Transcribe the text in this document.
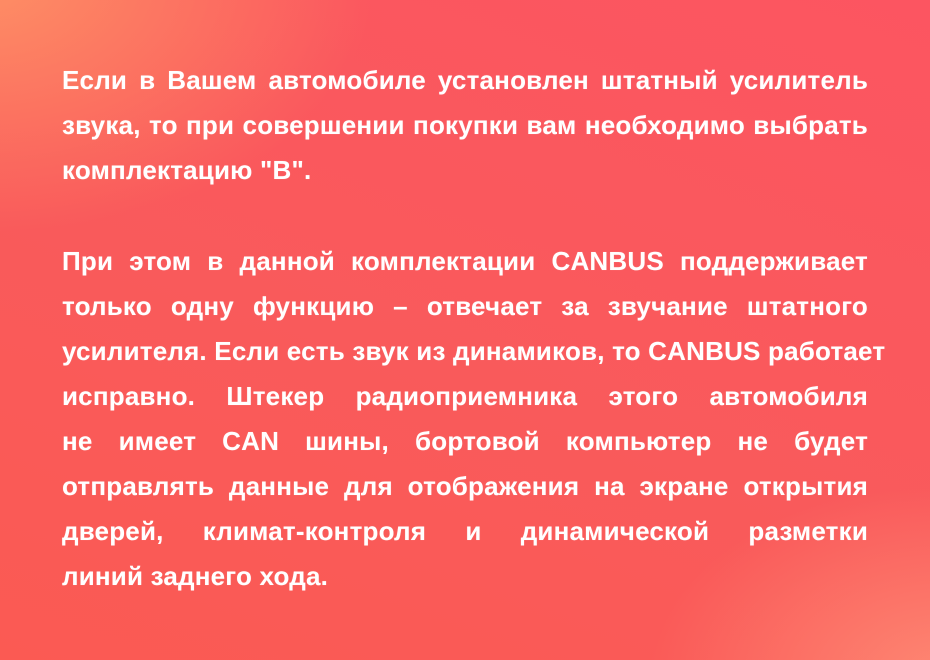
Если в Вашем автомобиле установлен штатный усилитель
звука, то при совершении покупки вам необходимо выбрать
комплектацию "В".
При этом в данной комплектации CANBUS поддерживает
только одну функцию – отвечает за звучание штатного
усилителя. Если есть звук из динамиков, то CANBUS работает
исправно. Штекер радиоприемника этого автомобиля
не имеет CAN шины, бортовой компьютер не будет
отправлять данные для отображения на экране открытия
дверей, климат-контроля и динамической разметки
линий заднего хода.
